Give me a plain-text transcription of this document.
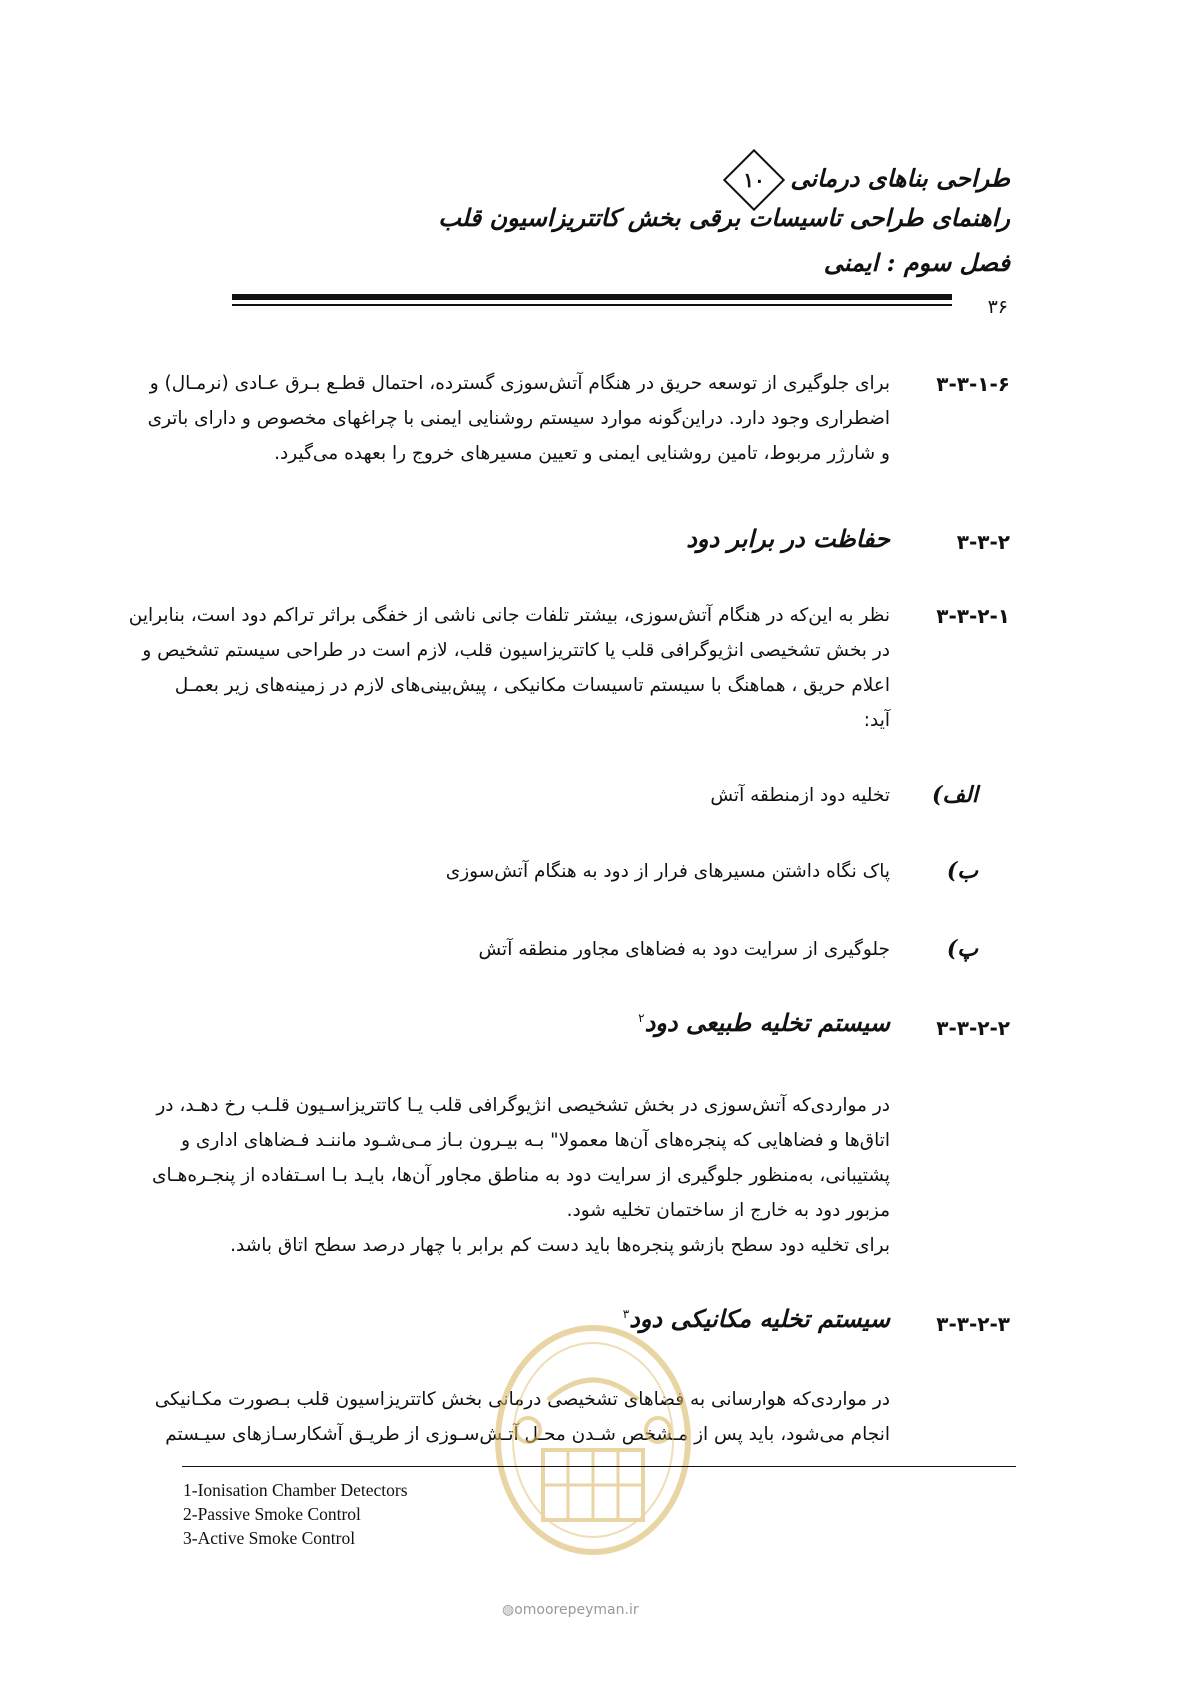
طراحی بناهای درمانی
۱۰
راهنمای طراحی تاسیسات برقی بخش کاتتریزاسیون قلب
فصل سوم : ایمنی
۳۶
۳-۳-۱-۶
برای جلوگیری از توسعه حریق در هنگام آتش‌سوزی گسترده، احتمال قطـع بـرق عـادی (نرمـال) و
اضطراری وجود دارد. دراین‌گونه موارد سیستم روشنایی ایمنی با چراغهای مخصوص و دارای باتری
و شارژر مربوط، تامین روشنایی ایمنی و تعیین مسیرهای خروج را بعهده می‌گیرد.
۳-۳-۲
حفاظت در برابر دود
۳-۳-۲-۱
نظر به این‌که در هنگام آتش‌سوزی، بیشتر تلفات جانی ناشی از خفگی براثر تراکم دود است، بنابراین
در بخش تشخیصی انژیوگرافی قلب یا کاتتریزاسیون قلب، لازم است در طراحی سیستم تشخیص و
اعلام حریق ، هماهنگ با سیستم تاسیسات مکانیکی ، پیش‌بینی‌های لازم در زمینه‌های زیر بعمـل
آید:
الف)
تخلیه دود ازمنطقه آتش
ب)
پاک نگاه داشتن مسیرهای فرار از دود به هنگام آتش‌سوزی
پ)
جلوگیری از سرایت دود به فضاهای مجاور منطقه آتش
۳-۳-۲-۲
سیستم تخلیه طبیعی دود$^۲$
در مواردی‌که آتش‌سوزی در بخش تشخیصی انژیوگرافی قلب یـا کاتتریزاسـیون قلـب رخ دهـد، در
اتاق‌ها و فضاهایی که پنجره‌های آن‌ها معمولا" بـه بیـرون بـاز مـی‌شـود ماننـد فـضاهای اداری و
پشتیبانی، به‌منظور جلوگیری از سرایت دود به مناطق مجاور آن‌ها، بایـد بـا اسـتفاده از پنجـره‌هـای
مزبور دود به خارج از ساختمان تخلیه شود.
برای تخلیه دود سطح بازشو پنجره‌ها باید دست کم برابر با چهار درصد سطح اتاق باشد.
۳-۳-۲-۳
سیستم تخلیه مکانیکی دود$^۳$
در مواردی‌که هوارسانی به فضاهای تشخیصی درمانی بخش کاتتریزاسیون قلب بـصورت مکـانیکی
انجام می‌شود، باید پس از مـشخص شـدن محـل آتـش‌سـوزی از طریـق آشکارسـازهای سیـستم
◍omoorepeyman.ir
1-Ionisation Chamber Detectors
2-Passive Smoke Control
3-Active Smoke Control
